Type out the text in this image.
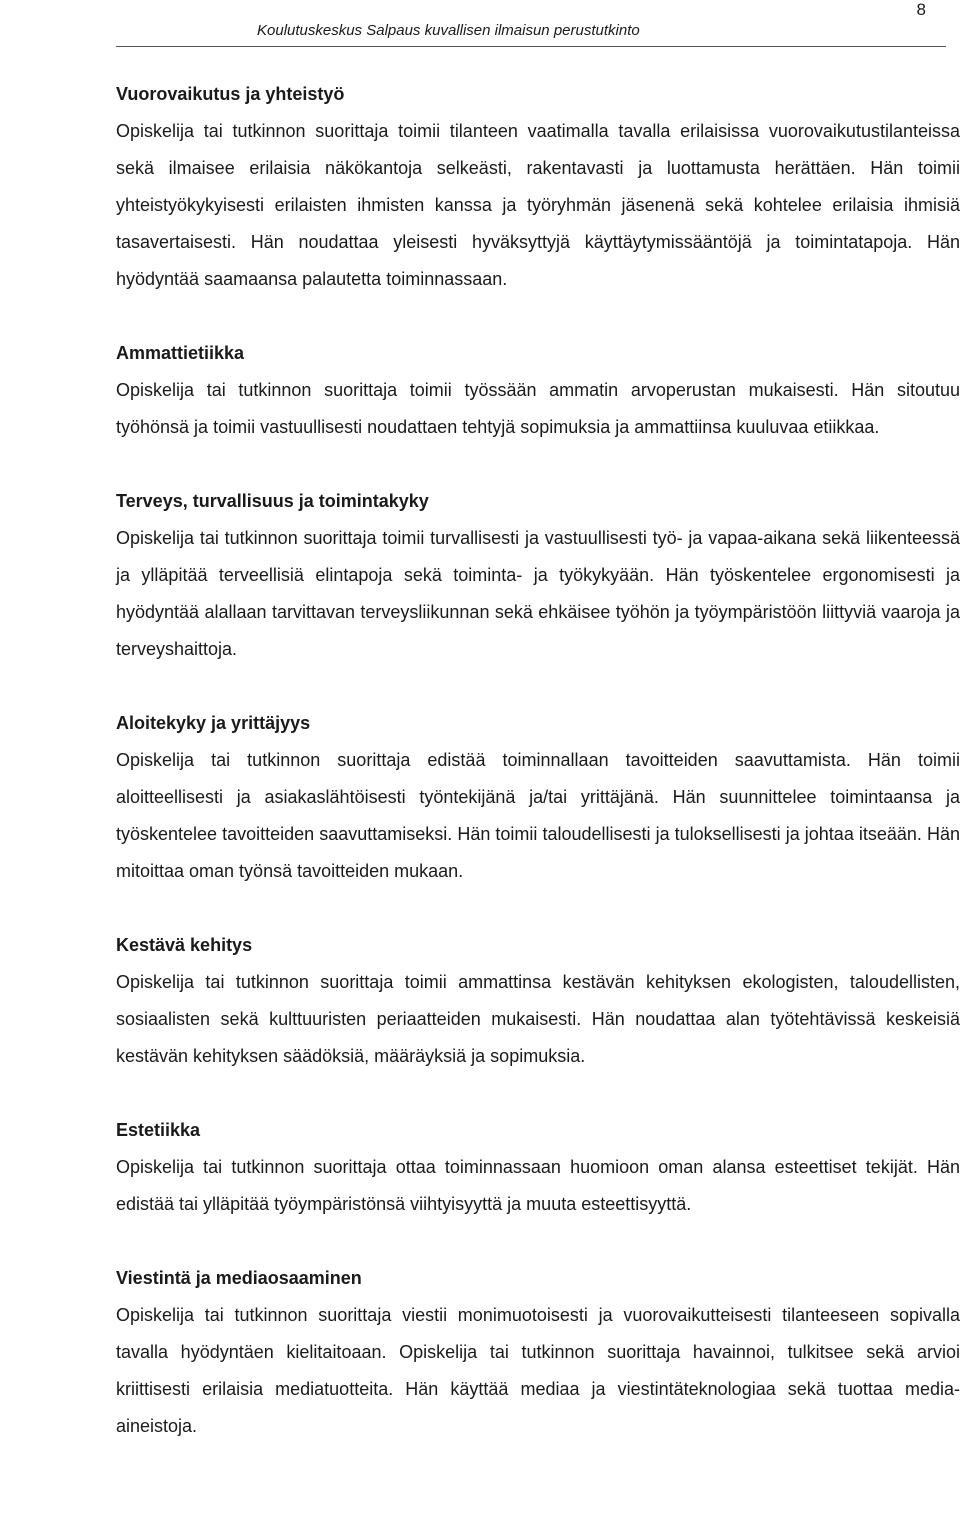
8
Koulutuskeskus Salpaus kuvallisen ilmaisun perustutkinto
Vuorovaikutus ja yhteistyö

Opiskelija tai tutkinnon suorittaja toimii tilanteen vaatimalla tavalla erilaisissa vuorovaikutustilanteissa sekä ilmaisee erilaisia näkökantoja selkeästi, rakentavasti ja luottamusta herättäen. Hän toimii yhteistyökykyisesti erilaisten ihmisten kanssa ja työryhmän jäsenenä sekä kohtelee erilaisia ihmisiä tasavertaisesti. Hän noudattaa yleisesti hyväksyttyjä käyttäytymissääntöjä ja toimintatapoja. Hän hyödyntää saamaansa palautetta toiminnassaan.

Ammattietiikka

Opiskelija tai tutkinnon suorittaja toimii työssään ammatin arvoperustan mukaisesti. Hän sitoutuu työhönsä ja toimii vastuullisesti noudattaen tehtyjä sopimuksia ja ammattiinsa kuuluvaa etiikkaa.

Terveys, turvallisuus ja toimintakyky

Opiskelija tai tutkinnon suorittaja toimii turvallisesti ja vastuullisesti työ- ja vapaa-aikana sekä liikenteessä ja ylläpitää terveellisiä elintapoja sekä toiminta- ja työkykyään. Hän työskentelee ergonomisesti ja hyödyntää alallaan tarvittavan terveysliikunnan sekä ehkäisee työhön ja työympäristöön liittyviä vaaroja ja terveyshaittoja.

Aloitekyky ja yrittäjyys

Opiskelija tai tutkinnon suorittaja edistää toiminnallaan tavoitteiden saavuttamista. Hän toimii aloitteellisesti ja asiakaslähtöisesti työntekijänä ja/tai yrittäjänä. Hän suunnittelee toimintaansa ja työskentelee tavoitteiden saavuttamiseksi. Hän toimii taloudellisesti ja tuloksellisesti ja johtaa itseään. Hän mitoittaa oman työnsä tavoitteiden mukaan.

Kestävä kehitys

Opiskelija tai tutkinnon suorittaja toimii ammattinsa kestävän kehityksen ekologisten, taloudellisten, sosiaalisten sekä kulttuuristen periaatteiden mukaisesti. Hän noudattaa alan työtehtävissä keskeisiä kestävän kehityksen säädöksiä, määräyksiä ja sopimuksia.

Estetiikka

Opiskelija tai tutkinnon suorittaja ottaa toiminnassaan huomioon oman alansa esteettiset tekijät. Hän edistää tai ylläpitää työympäristönsä viihtyisyyttä ja muuta esteettisyyttä.

Viestintä ja mediaosaaminen

Opiskelija tai tutkinnon suorittaja viestii monimuotoisesti ja vuorovaikutteisesti tilanteeseen sopivalla tavalla hyödyntäen kielitaitoaan. Opiskelija tai tutkinnon suorittaja havainnoi, tulkitsee sekä arvioi kriittisesti erilaisia mediatuotteita. Hän käyttää mediaa ja viestintäteknologiaa sekä tuottaa media-aineistoja.
